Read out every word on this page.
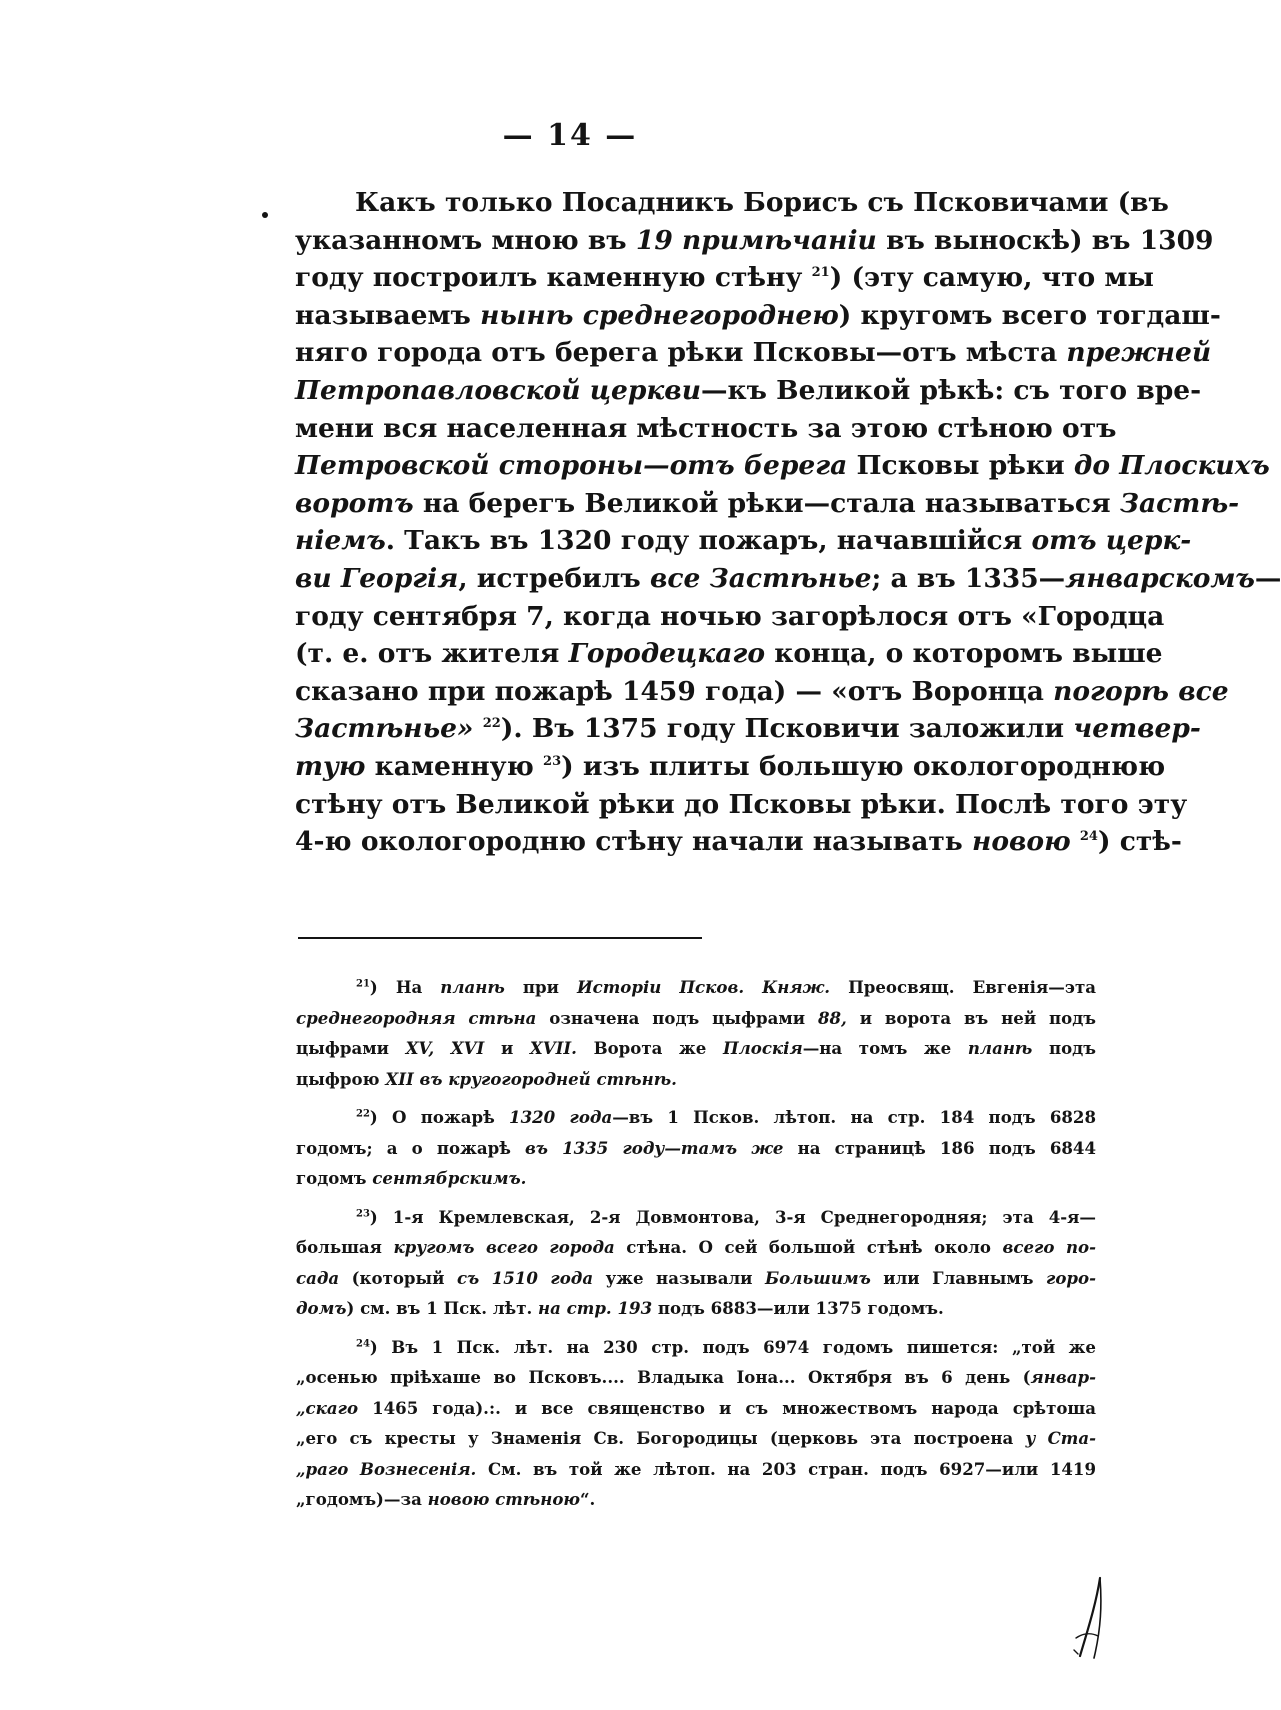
— 14 —
Какъ только Посадникъ Борисъ съ Псковичами (въ
указанномъ мною въ 19 примѣчаніи въ выноскѣ) въ 1309
году построилъ каменную стѣну $^{21}$) (эту самую, что мы
называемъ нынѣ среднегороднею) кругомъ всего тогдаш-
няго города отъ берега рѣки Псковы—отъ мѣста прежней
Петропавловской церкви—къ Великой рѣкѣ: съ того вре-
мени вся населенная мѣстность за этою стѣною отъ
Петровской стороны—отъ берега Псковы рѣки до Плоскихъ
воротъ на берегъ Великой рѣки—стала называться Застѣ-
ніемъ. Такъ въ 1320 году пожаръ, начавшійся отъ церк-
ви Георгія, истребилъ все Застѣнье; а въ 1335—январскомъ—
году сентября 7, когда ночью загорѣлося отъ «Городца
(т. е. отъ жителя Городецкаго конца, о которомъ выше
сказано при пожарѣ 1459 года) — «отъ Воронца погорѣ все
Застѣнье» $^{22}$). Въ 1375 году Псковичи заложили четвер-
тую каменную $^{23}$) изъ плиты большую окологороднюю
стѣну отъ Великой рѣки до Псковы рѣки. Послѣ того эту
4-ю окологородню стѣну начали называть новою $^{24}$) стѣ-
$^{21}$) На планѣ при Исторіи Псков. Княж. Преосвящ. Евгенія—эта
среднегородняя стѣна означена подъ цыфрами 88, и ворота въ ней подъ
цыфрами XV, XVI и XVII. Ворота же Плоскія—на томъ же планѣ подъ
цыфрою XII въ кругогородней стѣнѣ.
$^{22}$) О пожарѣ 1320 года—въ 1 Псков. лѣтоп. на стр. 184 подъ 6828
годомъ; а о пожарѣ въ 1335 году—тамъ же на страницѣ 186 подъ 6844
годомъ сентябрскимъ.
$^{23}$) 1-я Кремлевская, 2-я Довмонтова, 3-я Среднегородняя; эта 4-я—
большая кругомъ всего города стѣна. О сей большой стѣнѣ около всего по-
сада (который съ 1510 года уже называли Большимъ или Главнымъ горо-
домъ) см. въ 1 Пск. лѣт. на стр. 193 подъ 6883—или 1375 годомъ.
$^{24}$) Въ 1 Пск. лѣт. на 230 стр. подъ 6974 годомъ пишется: „той же
„осенью пріѣхаше во Псковъ.... Владыка Іона... Октября въ 6 день (январ-
„скаго 1465 года).:. и все священство и съ множествомъ народа срѣтоша
„его съ кресты у Знаменія Св. Богородицы (церковь эта построена у Ста-
„раго Вознесенія. См. въ той же лѣтоп. на 203 стран. подъ 6927—или 1419
„годомъ)—за новою стѣною“.
